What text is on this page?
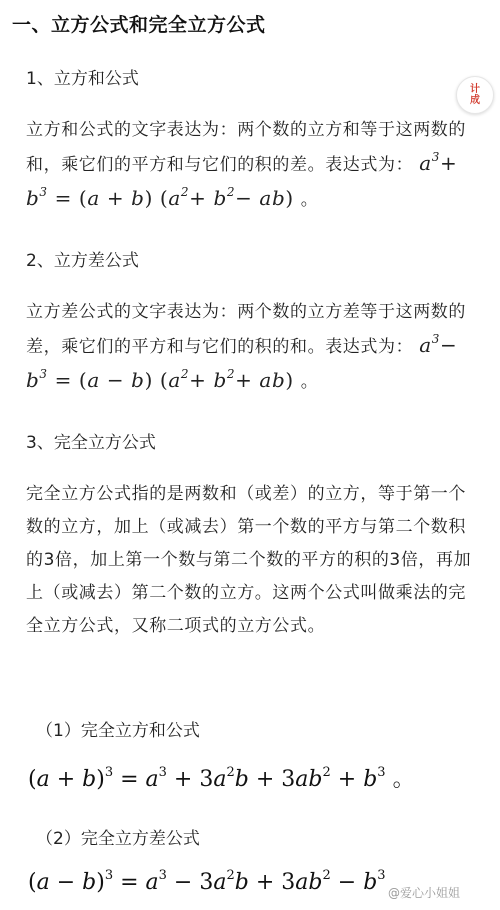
一、立方公式和完全立方公式
计
成
1、立方和公式
立方和公式的文字表达为：两个数的立方和等于这两数的和，乘它们的平方和与它们的积的差。表达式为： $a^3+ b^3 = (a + b)$ $(a^2+ b^2- ab)$ 。
2、立方差公式
立方差公式的文字表达为：两个数的立方差等于这两数的差，乘它们的平方和与它们的积的和。表达式为： $a^3- b^3 = (a - b)$ $(a^2+ b^2+ ab)$ 。
3、完全立方公式
完全立方公式指的是两数和（或差）的立方，等于第一个数的立方，加上（或减去）第一个数的平方与第二个数积的3倍，加上第一个数与第二个数的平方的积的3倍，再加上（或减去）第二个数的立方。这两个公式叫做乘法的完全立方公式，又称二项式的立方公式。
（1）完全立方和公式
$(a + b)^3 = a^3 + 3a^2b + 3ab^2 + b^3$ 。
（2）完全立方差公式
$(a - b)^3 = a^3 - 3a^2b + 3ab^2 - b^3$
@爱心小姐姐
